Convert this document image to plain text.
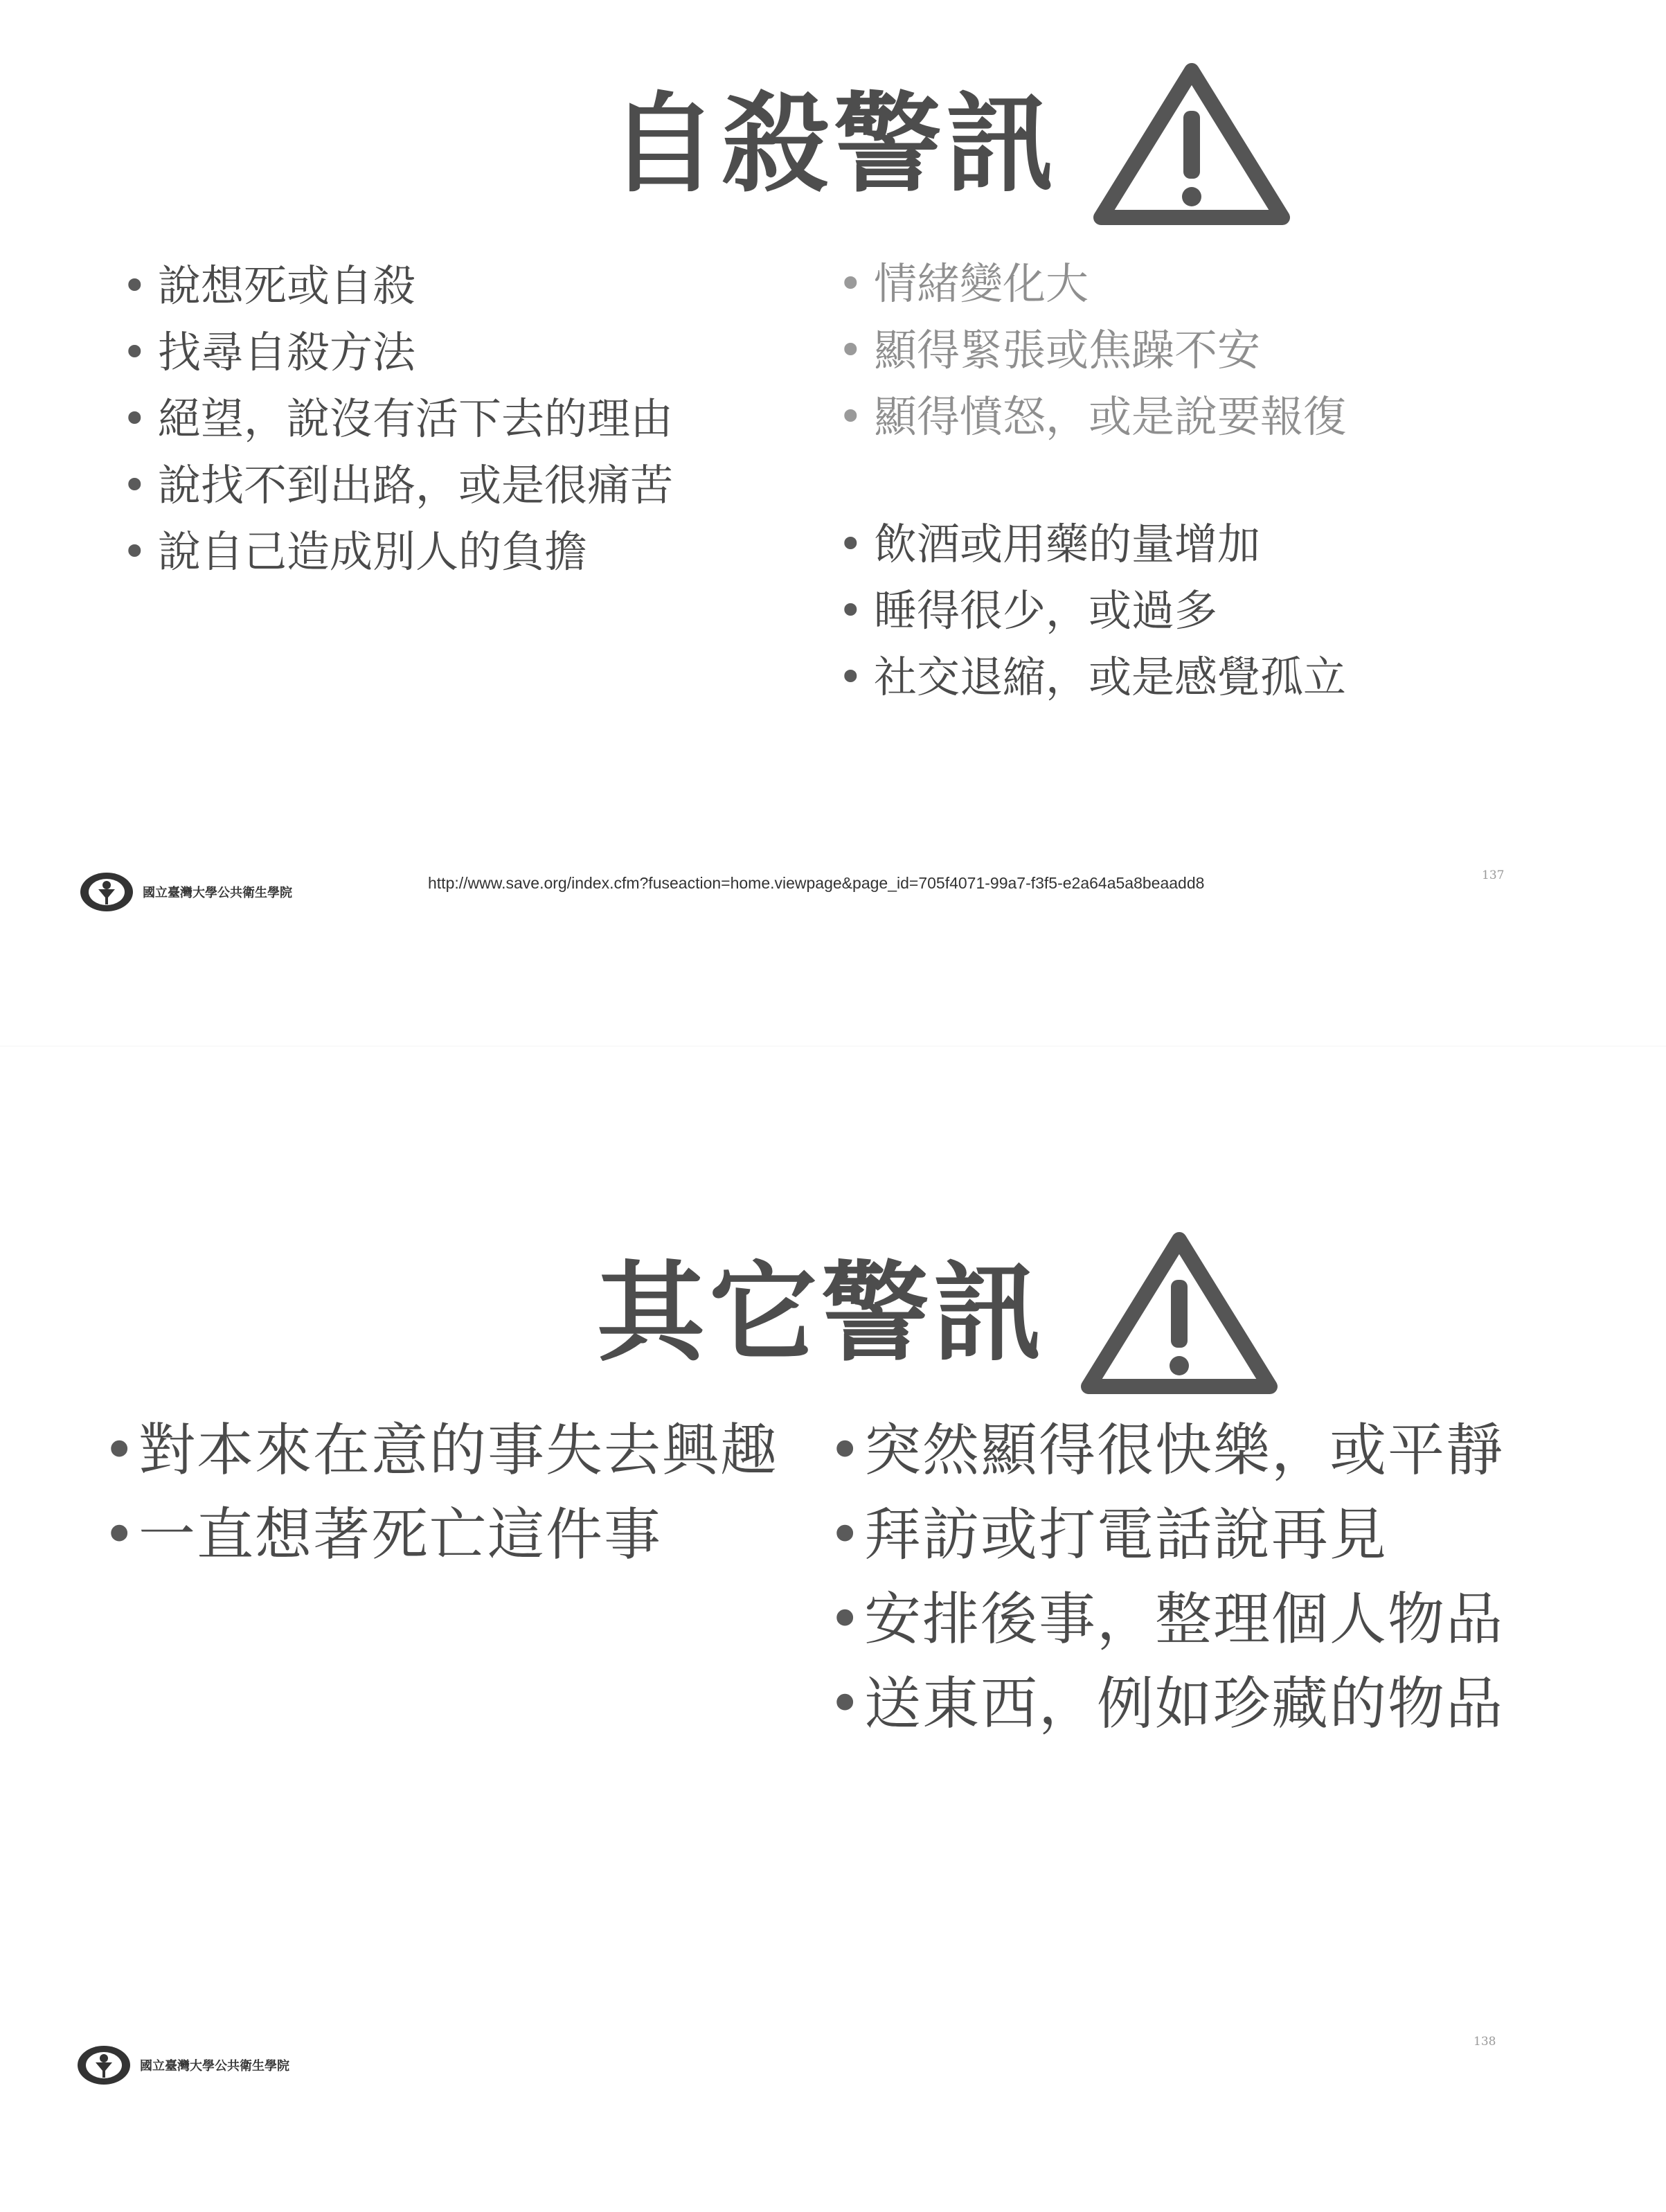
自殺警訊
• 說想死或自殺
• 找尋自殺方法
• 絕望，說沒有活下去的理由
• 說找不到出路，或是很痛苦
• 說自己造成別人的負擔
• 情緒變化大
• 顯得緊張或焦躁不安
• 顯得憤怒，或是說要報復
• 飲酒或用藥的量增加
• 睡得很少，或過多
• 社交退縮，或是感覺孤立
國立臺灣大學公共衛生學院
http://www.save.org/index.cfm?fuseaction=home.viewpage&page_id=705f4071-99a7-f3f5-e2a64a5a8beaadd8	137
其它警訊
• 對本來在意的事失去興趣
• 一直想著死亡這件事
• 突然顯得很快樂，或平靜
• 拜訪或打電話說再見
• 安排後事，整理個人物品
• 送東西，例如珍藏的物品
國立臺灣大學公共衛生學院
138
